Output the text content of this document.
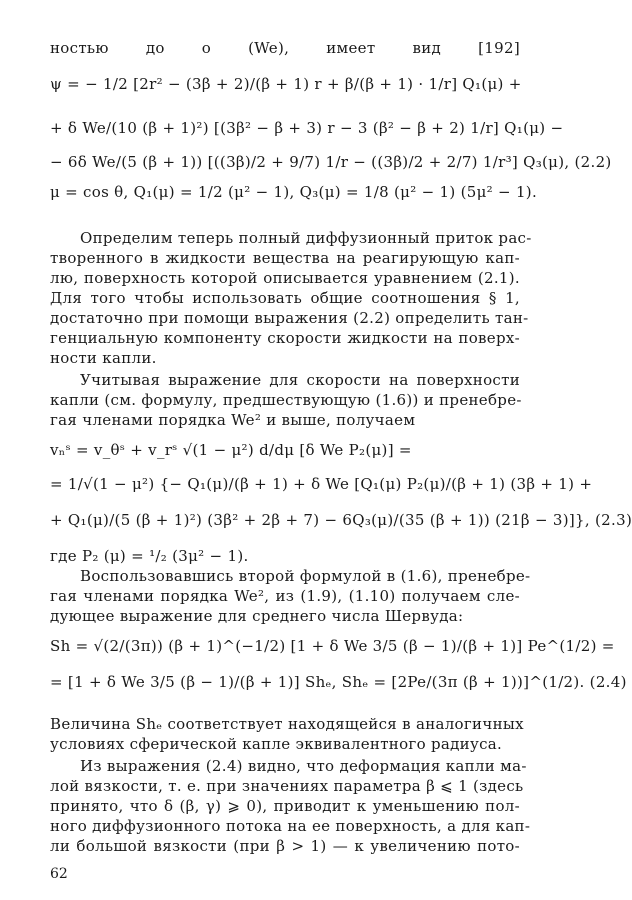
ностью до o (We), имеет вид [192]
ψ = − 1/2 [2r² − (3β + 2)/(β + 1) r + β/(β + 1) · 1/r] Q₁(μ) +
+ δ We/(10 (β + 1)²) [(3β² − β + 3) r − 3 (β² − β + 2) 1/r] Q₁(μ) −
− 6δ We/(5 (β + 1)) [((3β)/2 + 9/7) 1/r − ((3β)/2 + 2/7) 1/r³] Q₃(μ), (2.2)
μ = cos θ, Q₁(μ) = 1/2 (μ² − 1), Q₃(μ) = 1/8 (μ² − 1) (5μ² − 1).
Определим теперь полный диффузионный приток рас-
творенного в жидкости вещества на реагирующую кап-
лю, поверхность которой описывается уравнением (2.1).
Для того чтобы использовать общие соотношения § 1,
достаточно при помощи выражения (2.2) определить тан-
генциальную компоненту скорости жидкости на поверх-
ности капли.
Учитывая выражение для скорости на поверхности
капли (см. формулу, предшествующую (1.6)) и пренебре-
гая членами порядка We² и выше, получаем
vₙˢ = v_θˢ + v_rˢ √(1 − μ²) d/dμ [δ We P₂(μ)] =
= 1/√(1 − μ²) {− Q₁(μ)/(β + 1) + δ We [Q₁(μ) P₂(μ)/(β + 1) (3β + 1) +
+ Q₁(μ)/(5 (β + 1)²) (3β² + 2β + 7) − 6Q₃(μ)/(35 (β + 1)) (21β − 3)]}, (2.3)
где P₂ (μ) = ¹/₂ (3μ² − 1).
Воспользовавшись второй формулой в (1.6), пренебре-
гая членами порядка We², из (1.9), (1.10) получаем сле-
дующее выражение для среднего числа Шервуда:
Sh = √(2/(3π)) (β + 1)^(−1/2) [1 + δ We 3/5 (β − 1)/(β + 1)] Pe^(1/2) =
= [1 + δ We 3/5 (β − 1)/(β + 1)] Shₑ, Shₑ = [2Pe/(3π (β + 1))]^(1/2). (2.4)
Величина Shₑ соответствует находящейся в аналогичных
условиях сферической капле эквивалентного радиуса.
Из выражения (2.4) видно, что деформация капли ма-
лой вязкости, т. е. при значениях параметра β ⩽ 1 (здесь
принято, что δ (β, γ) ⩾ 0), приводит к уменьшению пол-
ного диффузионного потока на ее поверхность, а для кап-
ли большой вязкости (при β > 1) — к увеличению пото-
62
